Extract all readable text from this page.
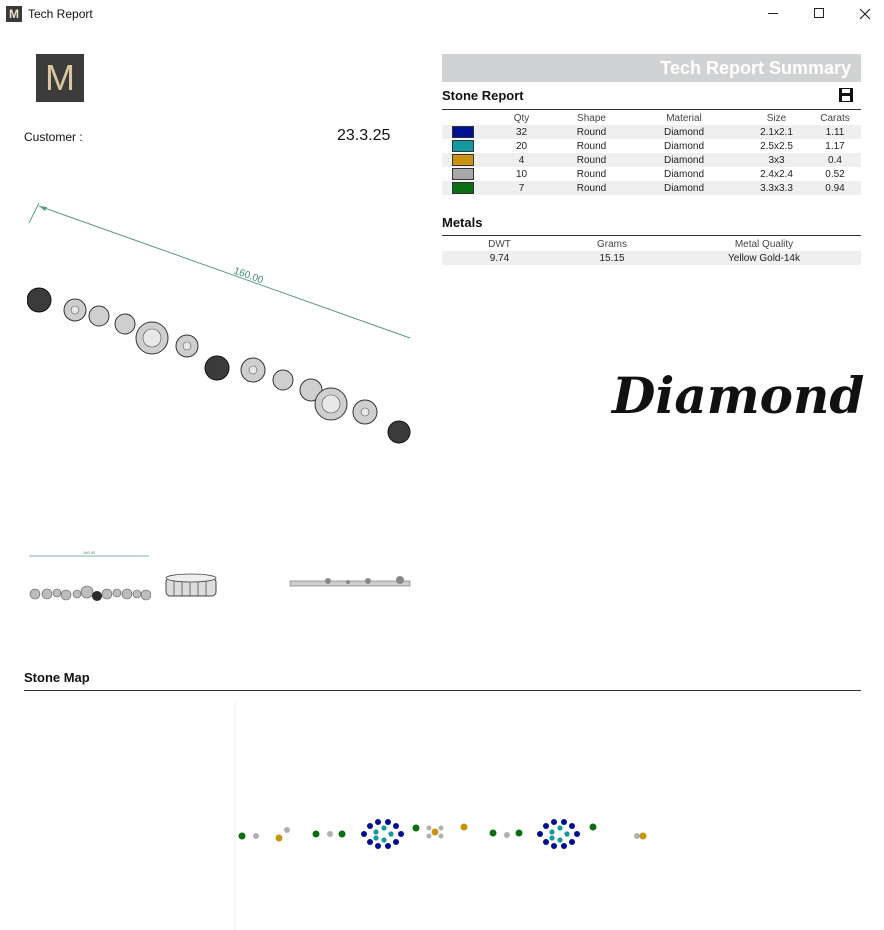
M Tech Report
M
Customer :	23.3.25
160.00
160.00
Tech Report Summary
Stone Report
	Qty	Shape	Material	Size	Carats
	32	Round	Diamond	2.1x2.1	1.11
	20	Round	Diamond	2.5x2.5	1.17
	4	Round	Diamond	3x3	0.4
	10	Round	Diamond	2.4x2.4	0.52
	7	Round	Diamond	3.3x3.3	0.94
Metals
DWT	Grams	Metal Quality
9.74	15.15	Yellow Gold-14k
Diamond
Stone Map
